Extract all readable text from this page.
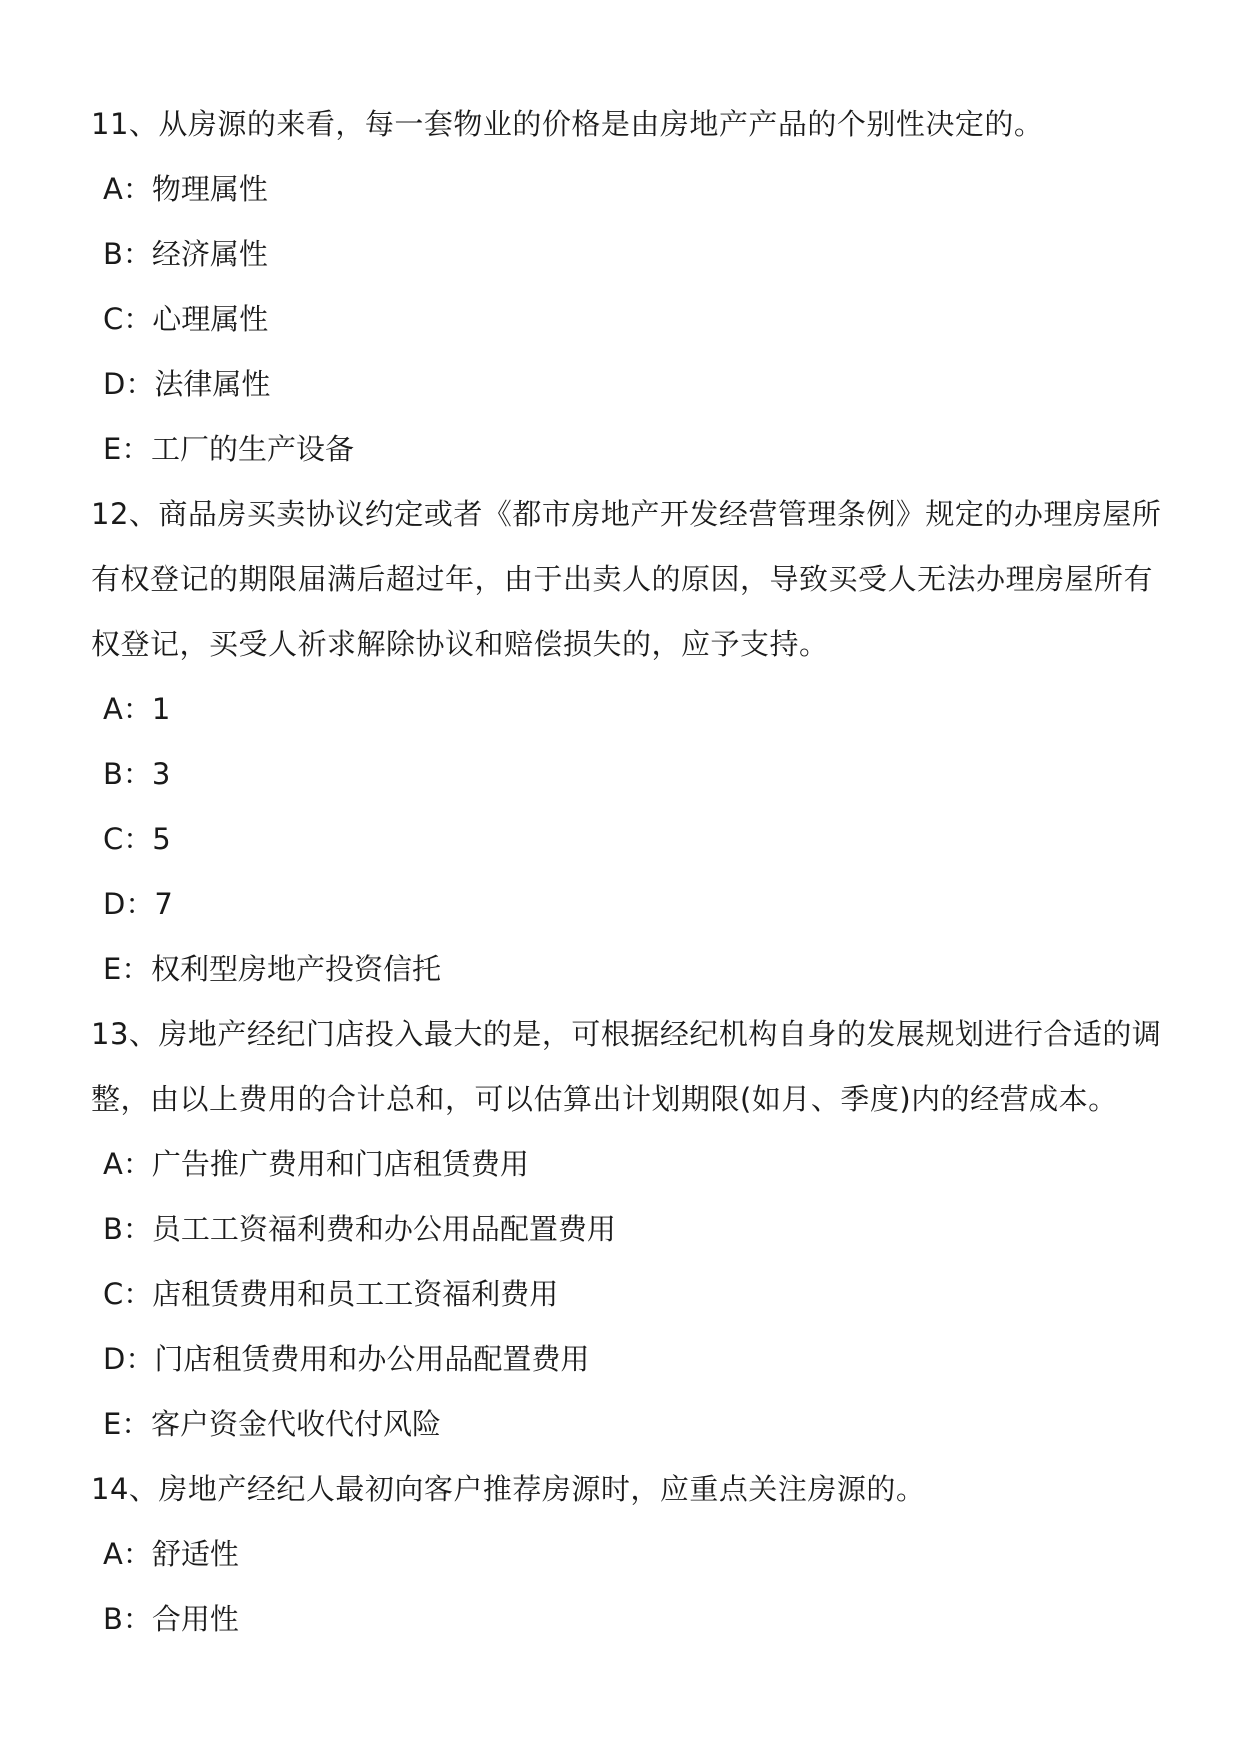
11、从房源的来看，每一套物业的价格是由房地产产品的个别性决定的。

A：物理属性

B：经济属性

C：心理属性

D：法律属性

E：工厂的生产设备

12、商品房买卖协议约定或者《都市房地产开发经营管理条例》规定的办理房屋所
有权登记的期限届满后超过年，由于出卖人的原因，导致买受人无法办理房屋所有
权登记，买受人祈求解除协议和赔偿损失的，应予支持。

A：1

B：3

C：5

D：7

E：权利型房地产投资信托

13、房地产经纪门店投入最大的是，可根据经纪机构自身的发展规划进行合适的调
整，由以上费用的合计总和，可以估算出计划期限(如月、季度)内的经营成本。

A：广告推广费用和门店租赁费用

B：员工工资福利费和办公用品配置费用

C：店租赁费用和员工工资福利费用

D：门店租赁费用和办公用品配置费用

E：客户资金代收代付风险

14、房地产经纪人最初向客户推荐房源时，应重点关注房源的。

A：舒适性

B：合用性
